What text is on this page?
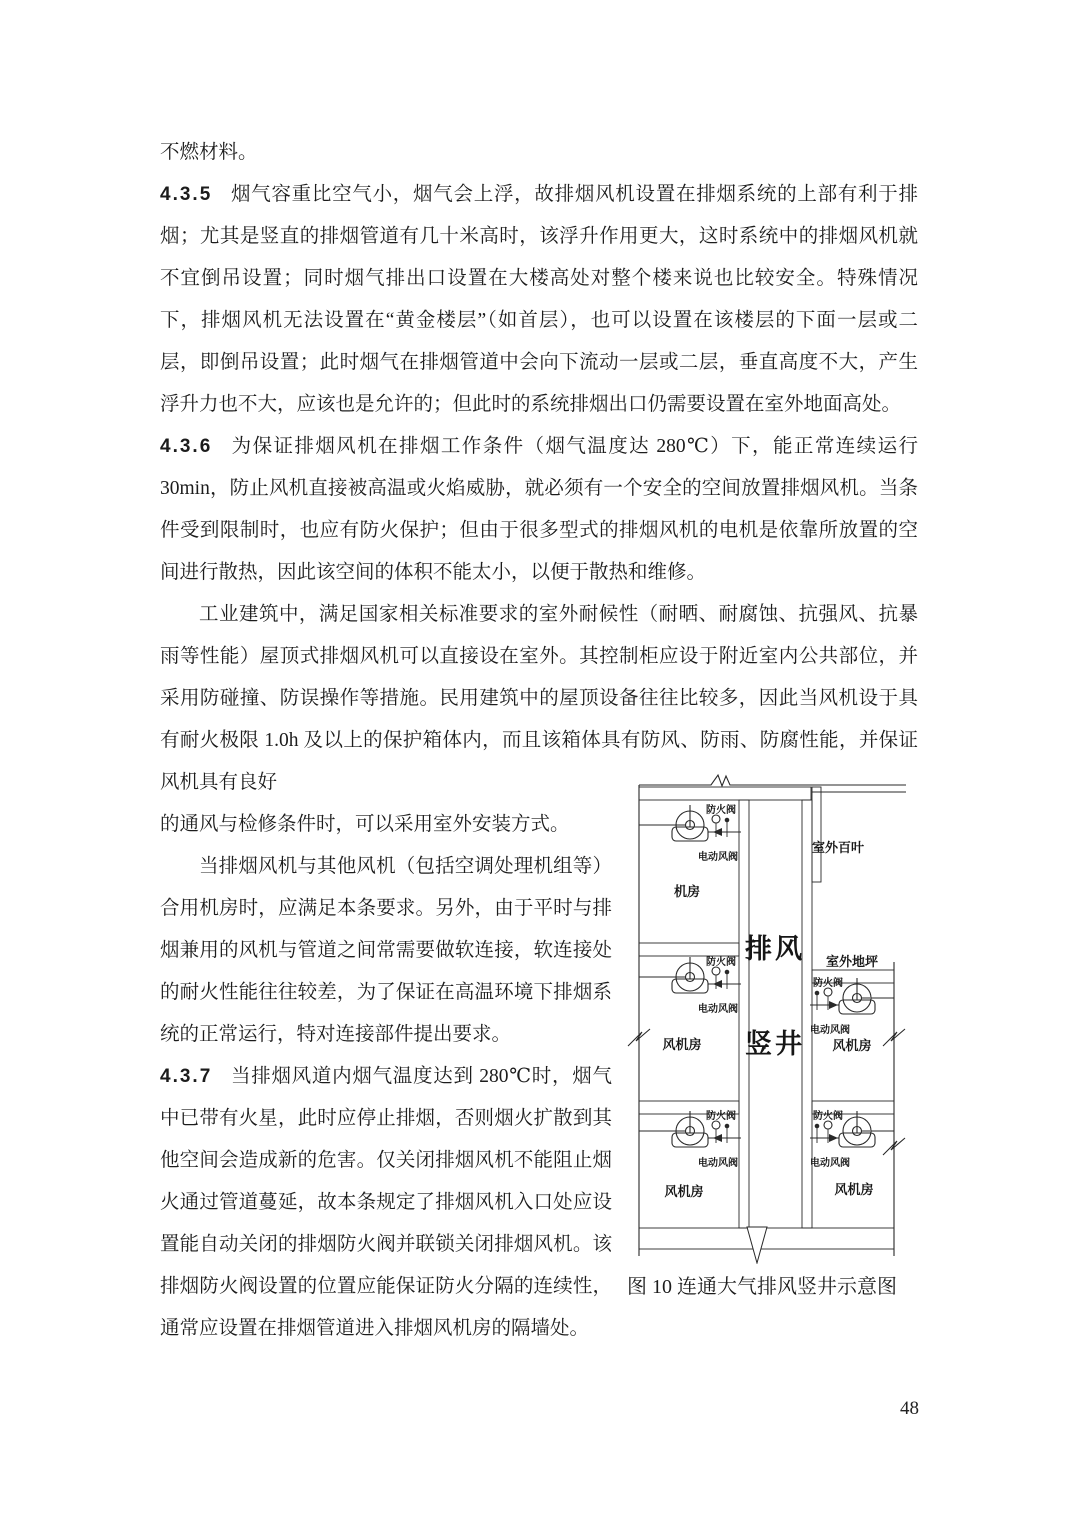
不燃材料。

4.3.5 烟气容重比空气小，烟气会上浮，故排烟风机设置在排烟系统的上部有利于排烟；尤其是竖直的排烟管道有几十米高时，该浮升作用更大，这时系统中的排烟风机就不宜倒吊设置；同时烟气排出口设置在大楼高处对整个楼来说也比较安全。特殊情况下，排烟风机无法设置在“黄金楼层”（如首层），也可以设置在该楼层的下面一层或二层，即倒吊设置；此时烟气在排烟管道中会向下流动一层或二层，垂直高度不大，产生浮升力也不大，应该也是允许的；但此时的系统排烟出口仍需要设置在室外地面高处。

4.3.6 为保证排烟风机在排烟工作条件（烟气温度达 280℃）下，能正常连续运行 30min，防止风机直接被高温或火焰威胁，就必须有一个安全的空间放置排烟风机。当条件受到限制时，也应有防火保护；但由于很多型式的排烟风机的电机是依靠所放置的空间进行散热，因此该空间的体积不能太小，以便于散热和维修。

工业建筑中，满足国家相关标准要求的室外耐候性（耐晒、耐腐蚀、抗强风、抗暴雨等性能）屋顶式排烟风机可以直接设在室外。其控制柜应设于附近室内公共部位，并采用防碰撞、防误操作等措施。民用建筑中的屋顶设备往往比较多，因此当风机设于具有耐火极限 1.0h 及以上的保护箱体内，而且该箱体具有防风、防雨、防腐性能，并保证风机具有良好

的通风与检修条件时，可以采用室外安装方式。

当排烟风机与其他风机（包括空调处理机组等）合用机房时，应满足本条要求。另外，由于平时与排烟兼用的风机与管道之间常需要做软连接，软连接处的耐火性能往往较差，为了保证在高温环境下排烟系统的正常运行，特对连接部件提出要求。

4.3.7 当排烟风道内烟气温度达到 280℃时，烟气中已带有火星，此时应停止排烟，否则烟火扩散到其他空间会造成新的危害。仅关闭排烟风机不能阻止烟火通过管道蔓延，故本条规定了排烟风机入口处应设置能自动关闭的排烟防火阀并联锁关闭排烟风机。该排烟防火阀设置的位置应能保证防火分隔的连续性，通常应设置在排烟管道进入排烟风机房的隔墙处。

防火阀
电动风阀
防火阀
电动风阀
防火阀
电动风阀
防火阀
电动风阀
防火阀
电动风阀
排风
竖井
机房
风机房
风机房
风机房
风机房
室外百叶
室外地坪
图 10 连通大气排风竖井示意图
48
